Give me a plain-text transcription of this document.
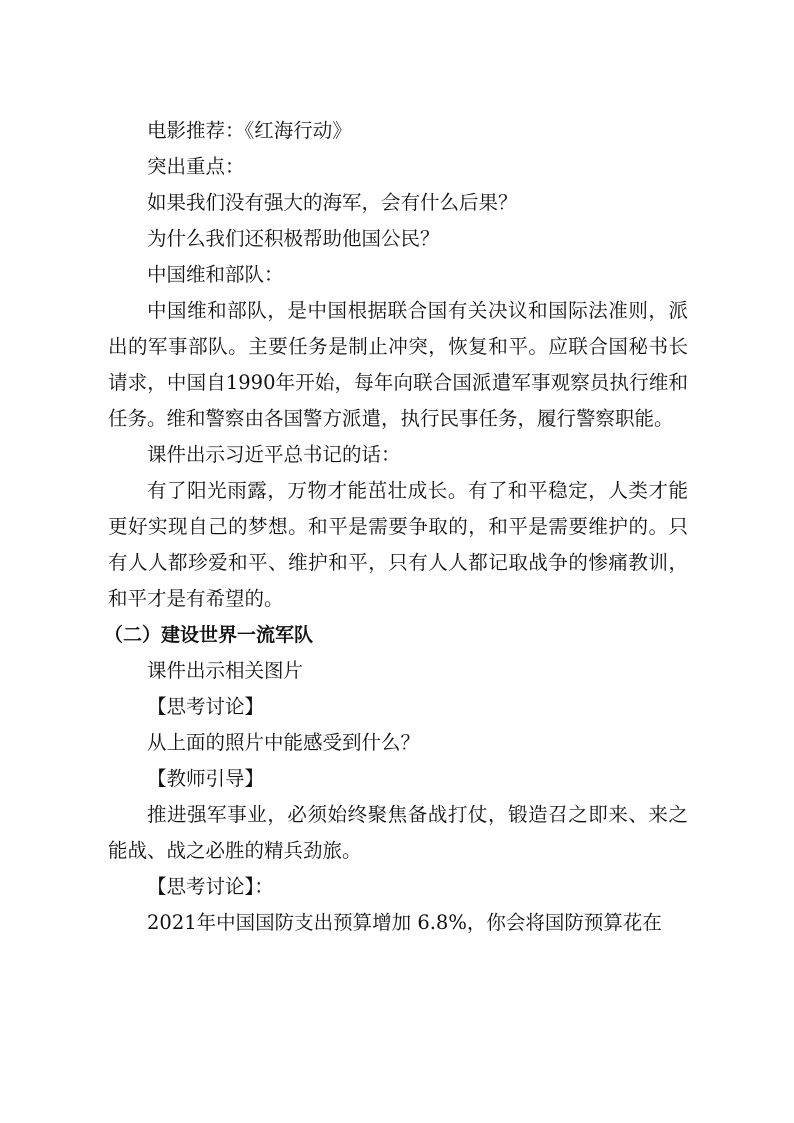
电影推荐：《红海行动》

突出重点：

如果我们没有强大的海军，会有什么后果？

为什么我们还积极帮助他国公民？

中国维和部队：

中国维和部队，是中国根据联合国有关决议和国际法准则，派出的军事部队。主要任务是制止冲突，恢复和平。应联合国秘书长请求，中国自1990年开始，每年向联合国派遣军事观察员执行维和任务。维和警察由各国警方派遣，执行民事任务，履行警察职能。

课件出示习近平总书记的话：

有了阳光雨露，万物才能茁壮成长。有了和平稳定，人类才能更好实现自己的梦想。和平是需要争取的，和平是需要维护的。只有人人都珍爱和平、维护和平，只有人人都记取战争的惨痛教训，和平才是有希望的。

（二）建设世界一流军队

课件出示相关图片

【思考讨论】

从上面的照片中能感受到什么？

【教师引导】

推进强军事业，必须始终聚焦备战打仗，锻造召之即来、来之能战、战之必胜的精兵劲旅。

【思考讨论】：

2021年中国国防支出预算增加 6.8%，你会将国防预算花在
